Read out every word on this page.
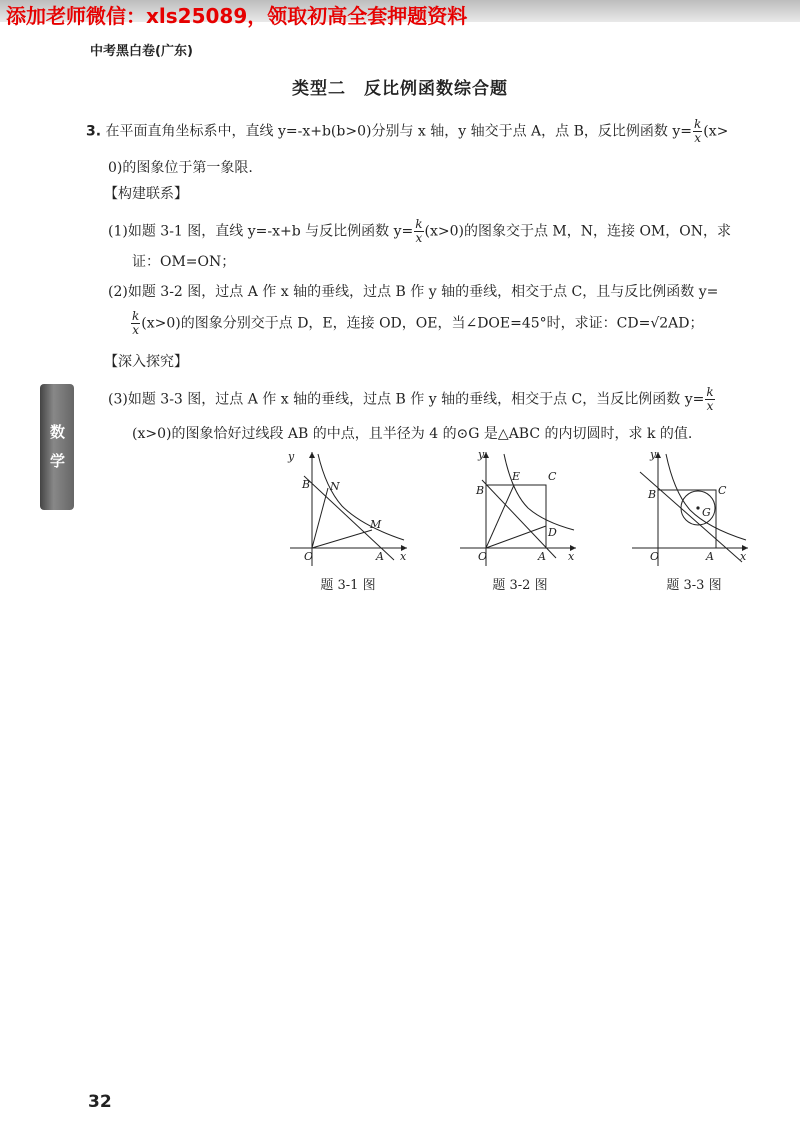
添加老师微信：xls25089，领取初高全套押题资料
中考黑白卷(广东)
类型二　反比例函数综合题
数学
3. 在平面直角坐标系中，直线 y=-x+b(b>0)分别与 x 轴，y 轴交于点 A，点 B，反比例函数 $y= \frac{k}{x} (x>$
0)的图象位于第一象限.
【构建联系】
(1)如题 3-1 图，直线 y=-x+b 与反比例函数 $y= \frac{k}{x} (x>0)$的图象交于点 M，N，连接 OM，ON，求
证：OM=ON；
(2)如题 3-2 图，过点 A 作 x 轴的垂线，过点 B 作 y 轴的垂线，相交于点 C，且与反比例函数 y=
$\frac{k}{x} (x>0)$的图象分别交于点 D，E，连接 OD，OE，当∠DOE=45°时，求证：CD=√2AD；
【深入探究】
(3)如题 3-3 图，过点 A 作 x 轴的垂线，过点 B 作 y 轴的垂线，相交于点 C，当反比例函数 $y= \frac{k}{x}$
(x>0)的图象恰好过线段 AB 的中点，且半径为 4 的⊙G 是△ABC 的内切圆时，求 k 的值.
y
x
O	A
B N
M
题 3-1 图
y
x
O	A
B
C
E
D
题 3-2 图
y
x
O	A
B	C
G
题 3-3 图
32
